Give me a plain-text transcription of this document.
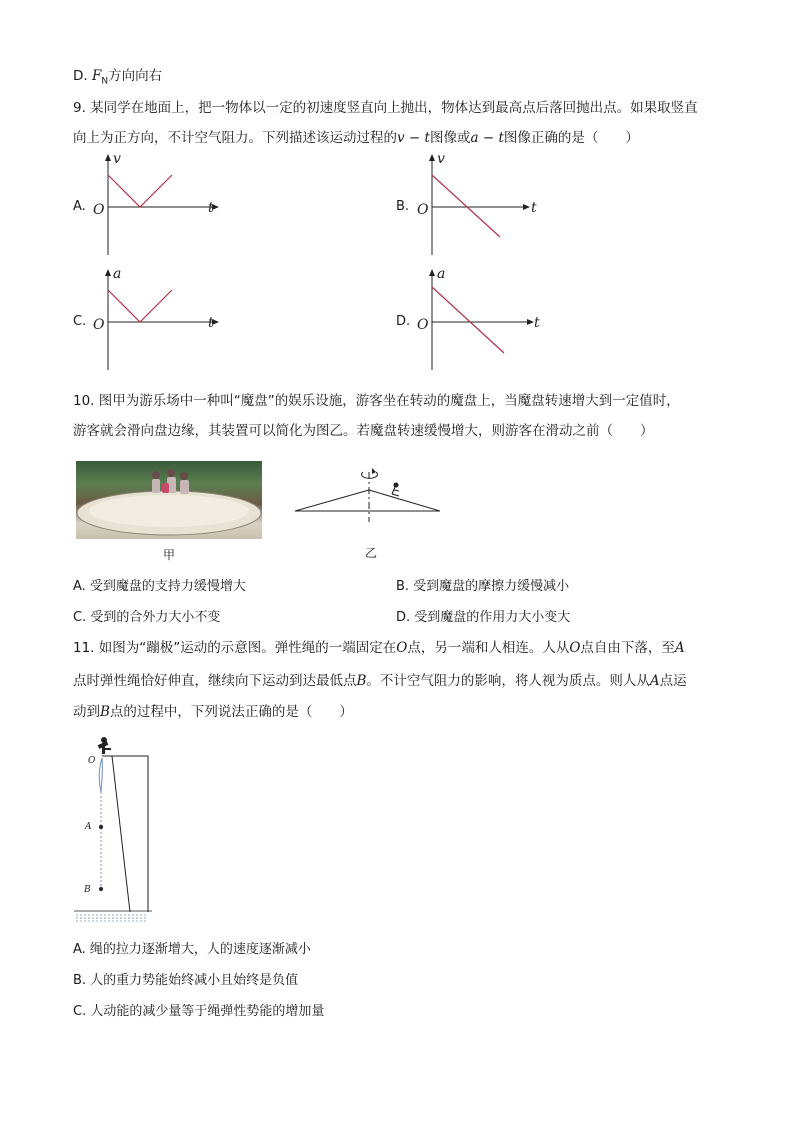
D. $F_N$方向向右
9. 某同学在地面上，把一物体以一定的初速度竖直向上抛出，物体达到最高点后落回抛出点。如果取竖直
向上为正方向，不计空气阻力。下列描述该运动过程的v − t图像或a − t图像正确的是（　　）
A.
v
t
O	B.
v
t
O
C.
a
t
O	D.
a
t
O
10. 图甲为游乐场中一种叫“魔盘”的娱乐设施，游客坐在转动的魔盘上，当魔盘转速增大到一定值时，
游客就会滑向盘边缘，其装置可以简化为图乙。若魔盘转速缓慢增大，则游客在滑动之前（　　）
甲	乙
A. 受到魔盘的支持力缓慢增大	B. 受到魔盘的摩擦力缓慢减小
C. 受到的合外力大小不变	D. 受到魔盘的作用力大小变大
11. 如图为“蹦极”运动的示意图。弹性绳的一端固定在O点，另一端和人相连。人从O点自由下落，至A
点时弹性绳恰好伸直，继续向下运动到达最低点B。不计空气阻力的影响，将人视为质点。则人从A点运
动到B点的过程中，下列说法正确的是（　　）
O
A
B
A. 绳的拉力逐渐增大，人的速度逐渐减小
B. 人的重力势能始终减小且始终是负值
C. 人动能的减少量等于绳弹性势能的增加量
